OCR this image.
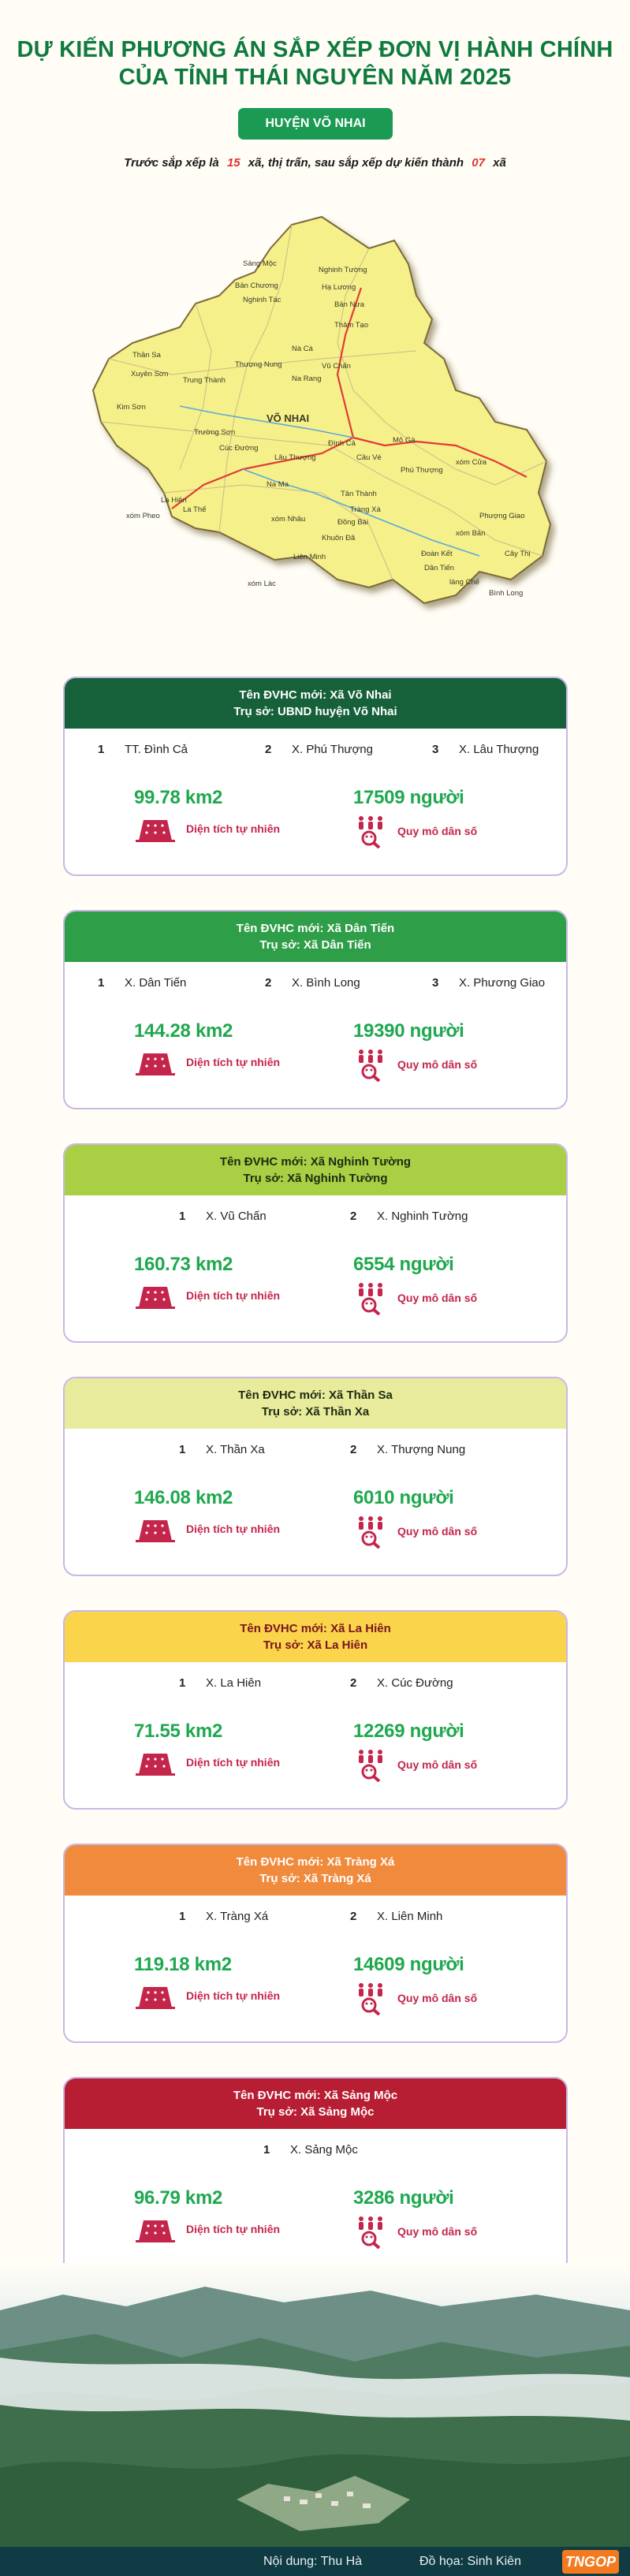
DỰ KIẾN PHƯƠNG ÁN SẮP XẾP ĐƠN VỊ HÀNH CHÍNH
CỦA TỈNH THÁI NGUYÊN NĂM 2025
HUYỆN VÕ NHAI
Trước sắp xếp là 15 xã, thị trấn, sau sắp xếp dự kiến thành 07 xã
Sảng Mộc
Nghinh Tường
Bản Chương	Hạ Lương
Nghinh Tác
Bản Nưa
Thần Sa
Thâm Tạo
Xuyên Sơn
Trung Thành
Thượng Nung
Nà Cà
Vũ Chấn
Na Rang
Kim Sơn
VÕ NHAI
Trường Sơn
Cúc Đường
Lâu Thượng
Đình Cả
Cầu Vé
Mỏ Gà
La Hiên
Na Ma
xóm Cửa
Phú Thượng
La Thể
xóm Pheo
Tân Thành
Tràng Xá
xóm Nhâu	Đồng Bài
Phượng Giao
xóm Bản
Khuôn Đã
Liên Minh	Đoàn Kết
Dân Tiến
Cây Thị
xóm Làc	làng Chế
Bình Long
Tên ĐVHC mới: Xã Võ Nhai
Trụ sở: UBND huyện Võ Nhai
1	TT. Đình Cả	2	X. Phú Thượng	3	X. Lâu Thượng
99.78 km2
Diện tích tự nhiên
17509 người
Quy mô dân số
Tên ĐVHC mới: Xã Dân Tiến
Trụ sở: Xã Dân Tiến
1	X. Dân Tiến	2	X. Bình Long	3	X. Phương Giao
144.28 km2
Diện tích tự nhiên
19390 người
Quy mô dân số
Tên ĐVHC mới: Xã Nghinh Tường
Trụ sở: Xã Nghinh Tường
1	X. Vũ Chấn	2	X. Nghinh Tường
160.73 km2
Diện tích tự nhiên
6554 người
Quy mô dân số
Tên ĐVHC mới: Xã Thần Sa
Trụ sở: Xã Thần Xa
1	X. Thần Xa	2	X. Thượng Nung
146.08 km2
Diện tích tự nhiên
6010 người
Quy mô dân số
Tên ĐVHC mới: Xã La Hiên
Trụ sở: Xã La Hiên
1	X. La Hiên	2	X. Cúc Đường
71.55 km2
Diện tích tự nhiên
12269 người
Quy mô dân số
Tên ĐVHC mới: Xã Tràng Xá
Trụ sở: Xã Tràng Xá
1	X. Tràng Xá	2	X. Liên Minh
119.18 km2
Diện tích tự nhiên
14609 người
Quy mô dân số
Tên ĐVHC mới: Xã Sảng Mộc
Trụ sở: Xã Sảng Mộc
1	X. Sảng Mộc
96.79 km2
Diện tích tự nhiên
3286 người
Quy mô dân số
Nội dung: Thu Hà	Đồ họa: Sinh Kiên	TNGOP
